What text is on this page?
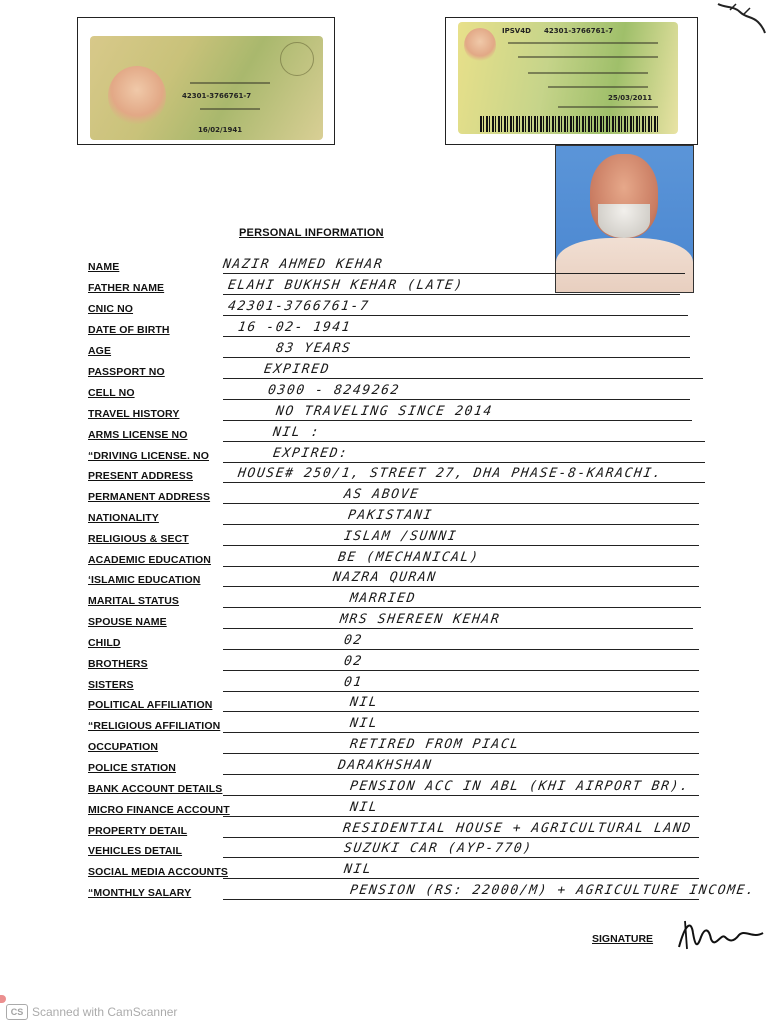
42301-3766761-7
16/02/1941
IPSV4D 42301-3766761-7
25/03/2011
PERSONAL INFORMATION
NAME	NAZIR AHMED KEHAR
FATHER NAME	ELAHI BUKHSH KEHAR (LATE)
CNIC NO	42301-3766761-7
DATE OF BIRTH	16 -02- 1941
AGE	83 YEARS
PASSPORT NO	EXPIRED
CELL NO	0300 - 8249262
TRAVEL HISTORY	NO TRAVELING SINCE 2014
ARMS LICENSE NO	NIL :
“DRIVING LICENSE. NO	EXPIRED:
PRESENT ADDRESS	HOUSE# 250/1, STREET 27, DHA PHASE-8-KARACHI.
PERMANENT ADDRESS	AS ABOVE
NATIONALITY	PAKISTANI
RELIGIOUS & SECT	ISLAM /SUNNI
ACADEMIC EDUCATION	BE (MECHANICAL)
‘ISLAMIC EDUCATION	NAZRA QURAN
MARITAL STATUS	MARRIED
SPOUSE NAME	MRS SHEREEN KEHAR
CHILD	02
BROTHERS	02
SISTERS	01
POLITICAL AFFILIATION	NIL
“RELIGIOUS AFFILIATION	NIL
OCCUPATION	RETIRED FROM PIACL
POLICE STATION	DARAKHSHAN
BANK ACCOUNT DETAILS	PENSION ACC IN ABL (KHI AIRPORT BR).
MICRO FINANCE ACCOUNT	NIL
PROPERTY DETAIL	RESIDENTIAL HOUSE + AGRICULTURAL LAND
VEHICLES DETAIL	SUZUKI CAR (AYP-770)
SOCIAL MEDIA ACCOUNTS	NIL
“MONTHLY SALARY	PENSION (RS: 22000/M) + AGRICULTURE INCOME.
SIGNATURE
CS Scanned with CamScanner
